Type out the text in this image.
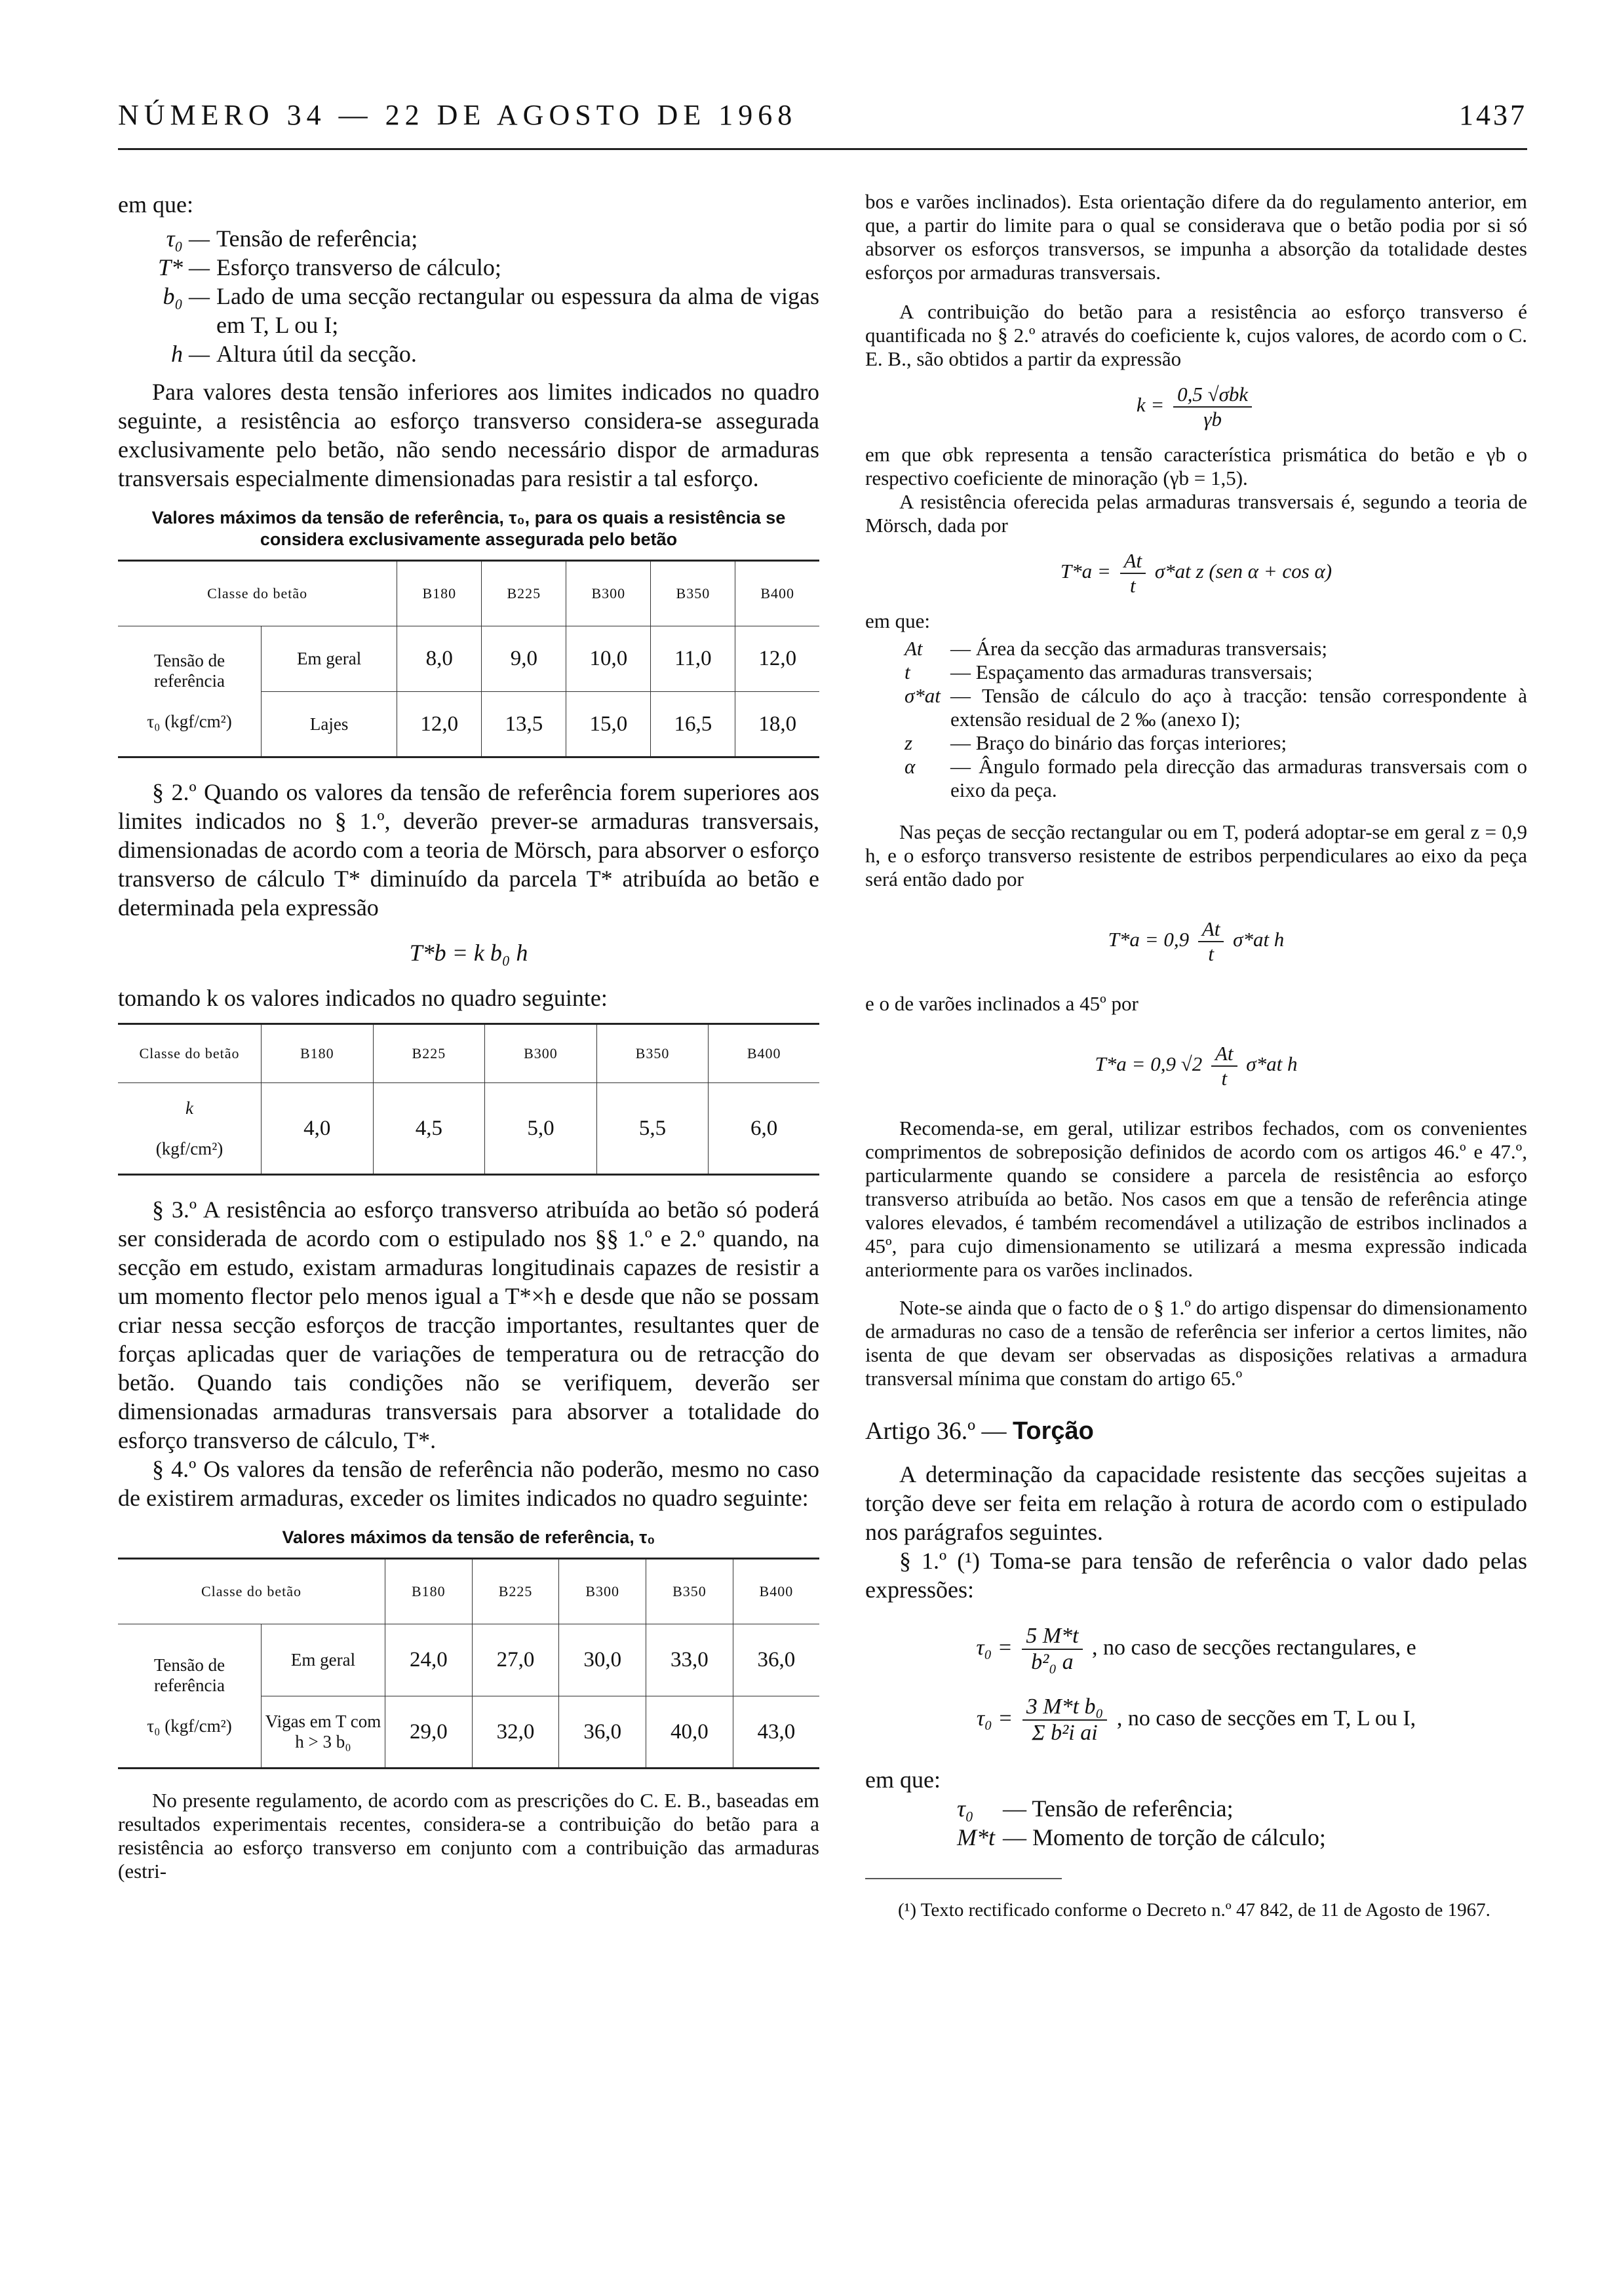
NÚMERO 34 — 22 DE AGOSTO DE 1968	1437

em que:

τ₀ — Tensão de referência;
T* — Esforço transverso de cálculo;
b₀ — Lado de uma secção rectangular ou espessura da alma de vigas em T, L ou I;
h — Altura útil da secção.

Para valores desta tensão inferiores aos limites indicados no quadro seguinte, a resistência ao esforço transverso considera-se assegurada exclusivamente pelo betão, não sendo necessário dispor de armaduras transversais especialmente dimensionadas para resistir a tal esforço.

Valores máximos da tensão de referência, τ₀, para os quais a resistência se considera exclusivamente assegurada pelo betão
Classe do betão		B180	B225	B300	B350	B400
Tensão de referência

τ₀ (kgf/cm²)	Em geral	8,0	9,0	10,0	11,0	12,0
	Lajes	12,0	13,5	15,0	16,5	18,0

§ 2.º Quando os valores da tensão de referência forem superiores aos limites indicados no § 1.º, deverão prever-se armaduras transversais, dimensionadas de acordo com a teoria de Mörsch, para absorver o esforço transverso de cálculo T* diminuído da parcela T* atribuída ao betão e determinada pela expressão

T*b = k b₀ h

tomando k os valores indicados no quadro seguinte:

Classe do betão	B180	B225	B300	B350	B400
k

(kgf/cm²)	4,0	4,5	5,0	5,5	6,0

§ 3.º A resistência ao esforço transverso atribuída ao betão só poderá ser considerada de acordo com o estipulado nos §§ 1.º e 2.º quando, na secção em estudo, existam armaduras longitudinais capazes de resistir a um momento flector pelo menos igual a T*×h e desde que não se possam criar nessa secção esforços de tracção importantes, resultantes quer de forças aplicadas quer de variações de temperatura ou de retracção do betão. Quando tais condições não se verifiquem, deverão ser dimensionadas armaduras transversais para absorver a totalidade do esforço transverso de cálculo, T*.

§ 4.º Os valores da tensão de referência não poderão, mesmo no caso de existirem armaduras, exceder os limites indicados no quadro seguinte:

Valores máximos da tensão de referência, τ₀
Classe do betão		B180	B225	B300	B350	B400
Tensão de referência

τ₀ (kgf/cm²)	Em geral	24,0	27,0	30,0	33,0	36,0
	Vigas em T com h > 3 b₀	29,0	32,0	36,0	40,0	43,0

No presente regulamento, de acordo com as prescrições do C. E. B., baseadas em resultados experimentais recentes, considera-se a contribuição do betão para a resistência ao esforço transverso em conjunto com a contribuição das armaduras (estri-

bos e varões inclinados). Esta orientação difere da do regulamento anterior, em que, a partir do limite para o qual se considerava que o betão podia por si só absorver os esforços transversos, se impunha a absorção da totalidade destes esforços por armaduras transversais.

A contribuição do betão para a resistência ao esforço transverso é quantificada no § 2.º através do coeficiente k, cujos valores, de acordo com o C. E. B., são obtidos a partir da expressão

$k = \frac{\text{0,5 √σbk}}{\gamma b}$

em que σbk representa a tensão característica prismática do betão e γb o respectivo coeficiente de minoração (γb = 1,5).

A resistência oferecida pelas armaduras transversais é, segundo a teoria de Mörsch, dada por

$T*a = \frac{At}{t} \sigma*at$ z (sen α + cos α)

em que:

At	— Área da secção das armaduras transversais;
t	— Espaçamento das armaduras transversais;
σ*at — Tensão de cálculo do aço à tracção: tensão correspondente à extensão residual de 2 ‰ (anexo I);
z	— Braço do binário das forças interiores;
α	— Ângulo formado pela direcção das armaduras transversais com o eixo da peça.

Nas peças de secção rectangular ou em T, poderá adoptar-se em geral z = 0,9 h, e o esforço transverso resistente de estribos perpendiculares ao eixo da peça será então dado por

$T*a = 0,9 \frac{At}{t} \sigma*at$ h

e o de varões inclinados a 45º por

T*a = 0,9 $√2 \frac{At}{t} \sigma*at$ h

Recomenda-se, em geral, utilizar estribos fechados, com os convenientes comprimentos de sobreposição definidos de acordo com os artigos 46.º e 47.º, particularmente quando se considere a parcela de resistência ao esforço transverso atribuída ao betão. Nos casos em que a tensão de referência atinge valores elevados, é também recomendável a utilização de estribos inclinados a 45º, para cujo dimensionamento se utilizará a mesma expressão indicada anteriormente para os varões inclinados.

Note-se ainda que o facto de o § 1.º do artigo dispensar do dimensionamento de armaduras no caso de a tensão de referência ser inferior a certos limites, não isenta de que devam ser observadas as disposições relativas a armadura transversal mínima que constam do artigo 65.º

Artigo 36.º — Torção

A determinação da capacidade resistente das secções sujeitas a torção deve ser feita em relação à rotura de acordo com o estipulado nos parágrafos seguintes.

§ 1.º (¹) Toma-se para tensão de referência o valor dado pelas expressões:

$\tau_0 = \frac{5 M*t}{\text{b²₀ a}}$ , no caso de secções rectangulares, e
$\tau_0 = \frac{\text{3 M*t b₀}}{\text{Σ b²i ai}}$ , no caso de secções em T, L ou I,

em que:

τ₀	— Tensão de referência;
M*t — Momento de torção de cálculo;

(¹) Texto rectificado conforme o Decreto n.º 47 842, de 11 de Agosto de 1967.
